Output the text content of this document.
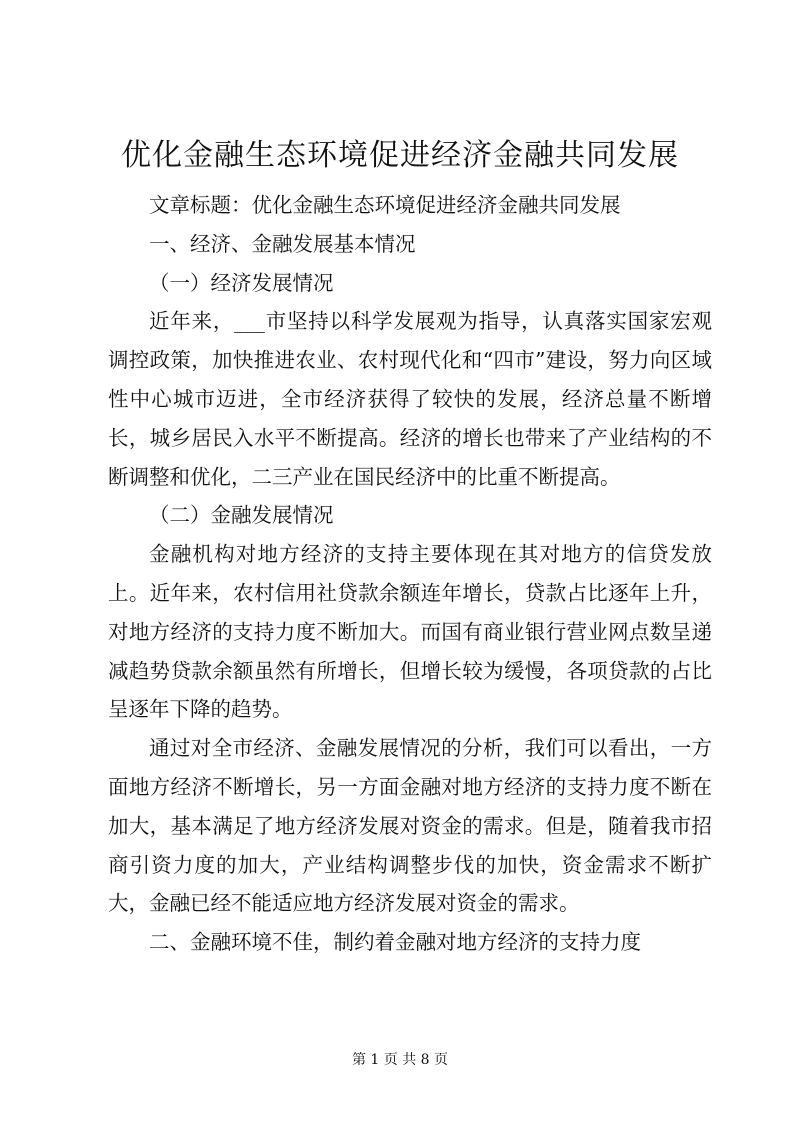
优化金融生态环境促进经济金融共同发展

文章标题：优化金融生态环境促进经济金融共同发展

一、经济、金融发展基本情况

（一）经济发展情况

近年来，___市坚持以科学发展观为指导，认真落实国家宏观调控政策，加快推进农业、农村现代化和“四市”建设，努力向区域性中心城市迈进，全市经济获得了较快的发展，经济总量不断增长，城乡居民入水平不断提高。经济的增长也带来了产业结构的不断调整和优化，二三产业在国民经济中的比重不断提高。

（二）金融发展情况

金融机构对地方经济的支持主要体现在其对地方的信贷发放上。近年来，农村信用社贷款余额连年增长，贷款占比逐年上升，对地方经济的支持力度不断加大。而国有商业银行营业网点数呈递减趋势贷款余额虽然有所增长，但增长较为缓慢，各项贷款的占比呈逐年下降的趋势。

通过对全市经济、金融发展情况的分析，我们可以看出，一方面地方经济不断增长，另一方面金融对地方经济的支持力度不断在加大，基本满足了地方经济发展对资金的需求。但是，随着我市招商引资力度的加大，产业结构调整步伐的加快，资金需求不断扩大，金融已经不能适应地方经济发展对资金的需求。

二、金融环境不佳，制约着金融对地方经济的支持力度

第 1 页 共 8 页
